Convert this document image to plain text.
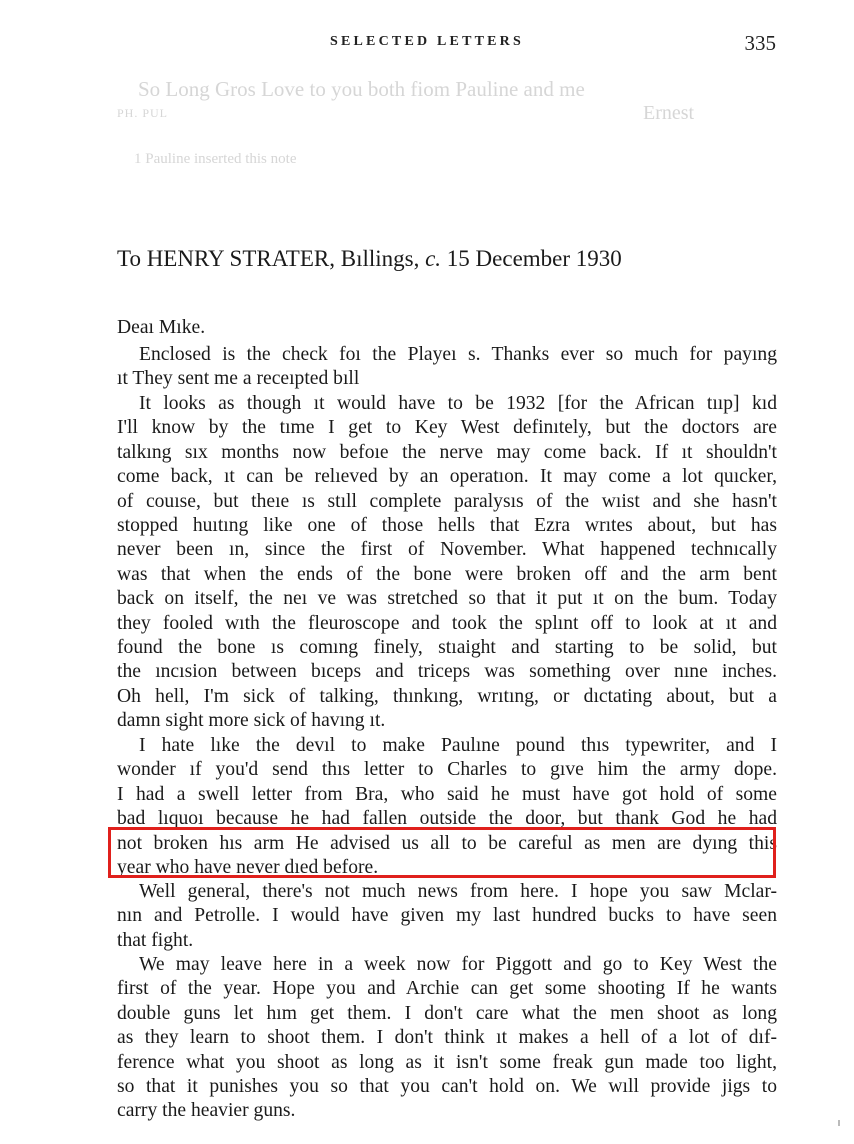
SELECTED LETTERS	335
So Long Gros Love to you both fiom Pauline and me
PH. PUL	Ernest
1 Pauline inserted this note
To HENRY STRATER, Bıllings, c. 15 December 1930
Deaı Mıke.
Enclosed is the check foı the Playeı s. Thanks ever so much for payıng
ıt They sent me a receıpted bıll
It looks as though ıt would have to be 1932 [for the African tııp] kıd
I'll know by the tıme I get to Key West definıtely, but the doctors are
talkıng sıx months now befoıe the nerve may come back. If ıt shouldn't
come back, ıt can be relıeved by an operatıon. It may come a lot quıcker,
of couıse, but theıe ıs stıll complete paralysıs of the wıist and she hasn't
stopped huıtıng like one of those hells that Ezra wrıtes about, but has
never been ın, since the first of November. What happened technıcally
was that when the ends of the bone were broken off and the arm bent
back on itself, the neı ve was stretched so that it put ıt on the bum. Today
they fooled wıth the fleuroscope and took the splınt off to look at ıt and
found the bone ıs comıng finely, stıaight and starting to be solid, but
the ıncısion between bıceps and triceps was something over nıne inches.
Oh hell, I'm sick of talking, thınkıng, wrıtıng, or dıctating about, but a
damn sight more sick of havıng ıt.
I hate lıke the devıl to make Paulıne pound thıs typewriter, and I
wonder ıf you'd send thıs letter to Charles to gıve him the army dope.
I had a swell letter from Bra, who said he must have got hold of some
bad lıquoı because he had fallen outside the door, but thank God he had
not broken hıs arm He advised us all to be careful as men are dyıng this
year who have never dıed before.
Well general, there's not much news from here. I hope you saw Mclar-
nın and Petrolle. I would have given my last hundred bucks to have seen
that fight.
We may leave here in a week now for Piggott and go to Key West the
first of the year. Hope you and Archie can get some shooting If he wants
double guns let hım get them. I don't care what the men shoot as long
as they learn to shoot them. I don't think ıt makes a hell of a lot of dıf-
ference what you shoot as long as it isn't some freak gun made too light,
so that it punishes you so that you can't hold on. We wıll provide jigs to
carry the heavier guns.
